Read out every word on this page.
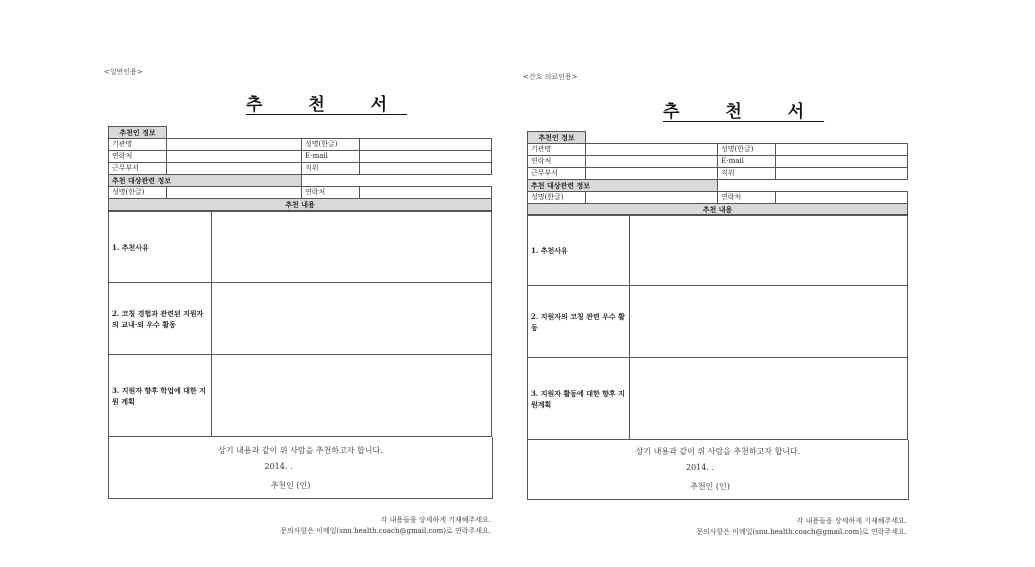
<일반인용>
추 천 서
추천인 정보			
기관명		성명(한글)	
연락처		E-mail	
근무부서		직위	
추천 대상관련 정보			
성명(한글)		연락처	
추천 내용			
1. 추천사유	
2. 코칭 경험과 관련된 지원자의 교내·외 우수 활동	
3. 지원자 향후 학업에 대한 지원 계획	
상기 내용과 같이 위 사람을 추천하고자 합니다.
2014. .
추천인 (인)
각 내용들을 상세하게 기재해주세요.
문의사항은 이메일(snu.health.coach@gmail.com)로 연락주세요.
<간호 의료인용>
추 천 서
추천인 정보			
기관명		성명(한글)	
연락처		E-mail	
근무부서		직위	
추천 대상관련 정보			
성명(한글)		연락처	
추천 내용			
1. 추천사유	
2. 지원자의 코칭 관련 우수 활동	
3. 지원자 활동에 대한 향후 지원계획	
상기 내용과 같이 위 사람을 추천하고자 합니다.
2014. .
추천인 (인)
각 내용들을 상세하게 기재해주세요.
문의사항은 이메일(snu.health.coach@gmail.com)로 연락주세요.
